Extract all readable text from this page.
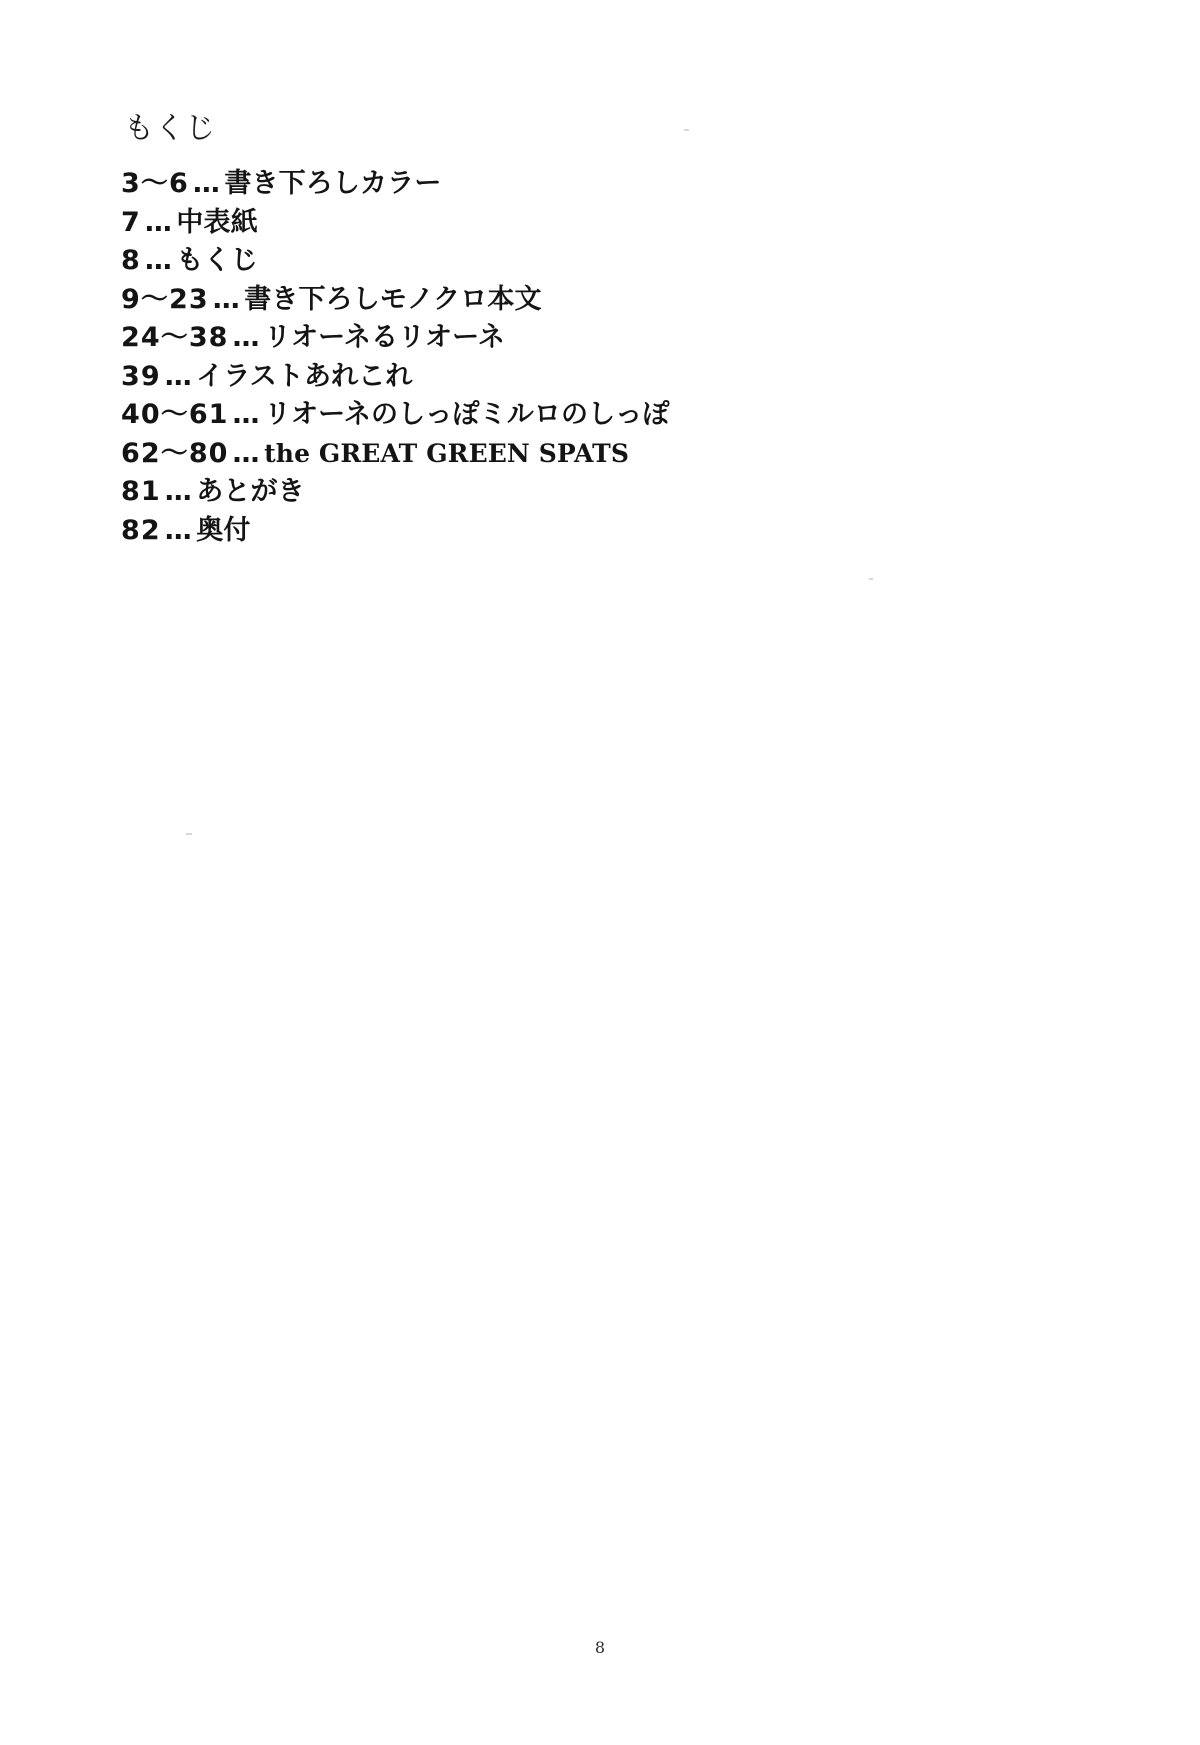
もくじ
3〜6 … 書き下ろしカラー
7 … 中表紙
8 … もくじ
9〜23 … 書き下ろしモノクロ本文
24〜38 … リオーネるリオーネ
39 … イラストあれこれ
40〜61 … リオーネのしっぽミルロのしっぽ
62〜80 … the GREAT GREEN SPATS
81 … あとがき
82 … 奥付
8
